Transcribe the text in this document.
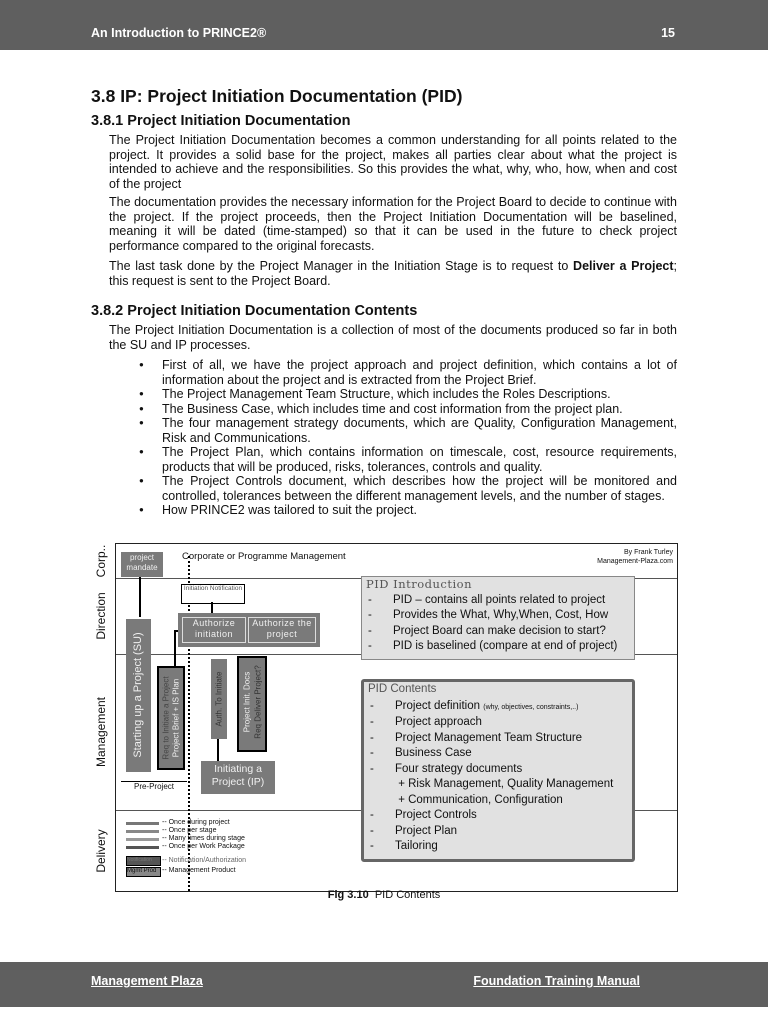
An Introduction to PRINCE2®	15
3.8 IP: Project Initiation Documentation (PID)
3.8.1 Project Initiation Documentation

The Project Initiation Documentation becomes a common understanding for all points related to the project. It provides a solid base for the project, makes all parties clear about what the project is intended to achieve and the responsibilities. So this provides the what, why, who, how, when and cost of the project

The documentation provides the necessary information for the Project Board to decide to continue with the project. If the project proceeds, then the Project Initiation Documentation will be baselined, meaning it will be dated (time-stamped) so that it can be used in the future to check project performance compared to the original forecasts.

The last task done by the Project Manager in the Initiation Stage is to request to Deliver a Project; this request is sent to the Project Board.

3.8.2 Project Initiation Documentation Contents

The Project Initiation Documentation is a collection of most of the documents produced so far in both the SU and IP processes.

● First of all, we have the project approach and project definition, which contains a lot of information about the project and is extracted from the Project Brief.
● The Project Management Team Structure, which includes the Roles Descriptions.
● The Business Case, which includes time and cost information from the project plan.
● The four management strategy documents, which are Quality, Configuration Management, Risk and Communications.
● The Project Plan, which contains information on timescale, cost, resource requirements, products that will be produced, risks, tolerances, controls and quality.
● The Project Controls document, which describes how the project will be monitored and controlled, tolerances between the different management levels, and the number of stages.
● How PRINCE2 was tailored to suit the project.
Corp..
Direction
Management
Delivery
Corporate or Programme Management	By Frank Turley
Management-Plaza.com
project mandate
Starting up a Project (SU) Req to Initiate a Project Project Brief + IS Plan
Initiation Notification
Authorize initiation
Authorize the project
Auth. To Initiate Project Init. Docs Req Deliver Project?
Initiating a Project (IP)
Pre-Project
-- Once during project
-- Once per stage
-- Many times during stage
-- Once per Work Package
Notification	-- Notification/Authorization
Mgmt Prod -- Management Product
PID Introduction
- PID – contains all points related to project
- Provides the What, Why,When, Cost, How
- Project Board can make decision to start?
- PID is baselined (compare at end of project)
PID Contents
- Project definition (why, objectives, constraints,..)
- Project approach
- Project Management Team Structure
- Business Case
- Four strategy documents
+ Risk Management, Quality Management
+ Communication, Configuration
- Project Controls
- Project Plan
- Tailoring
Fig 3.10 PID Contents
Management Plaza	Foundation Training Manual
